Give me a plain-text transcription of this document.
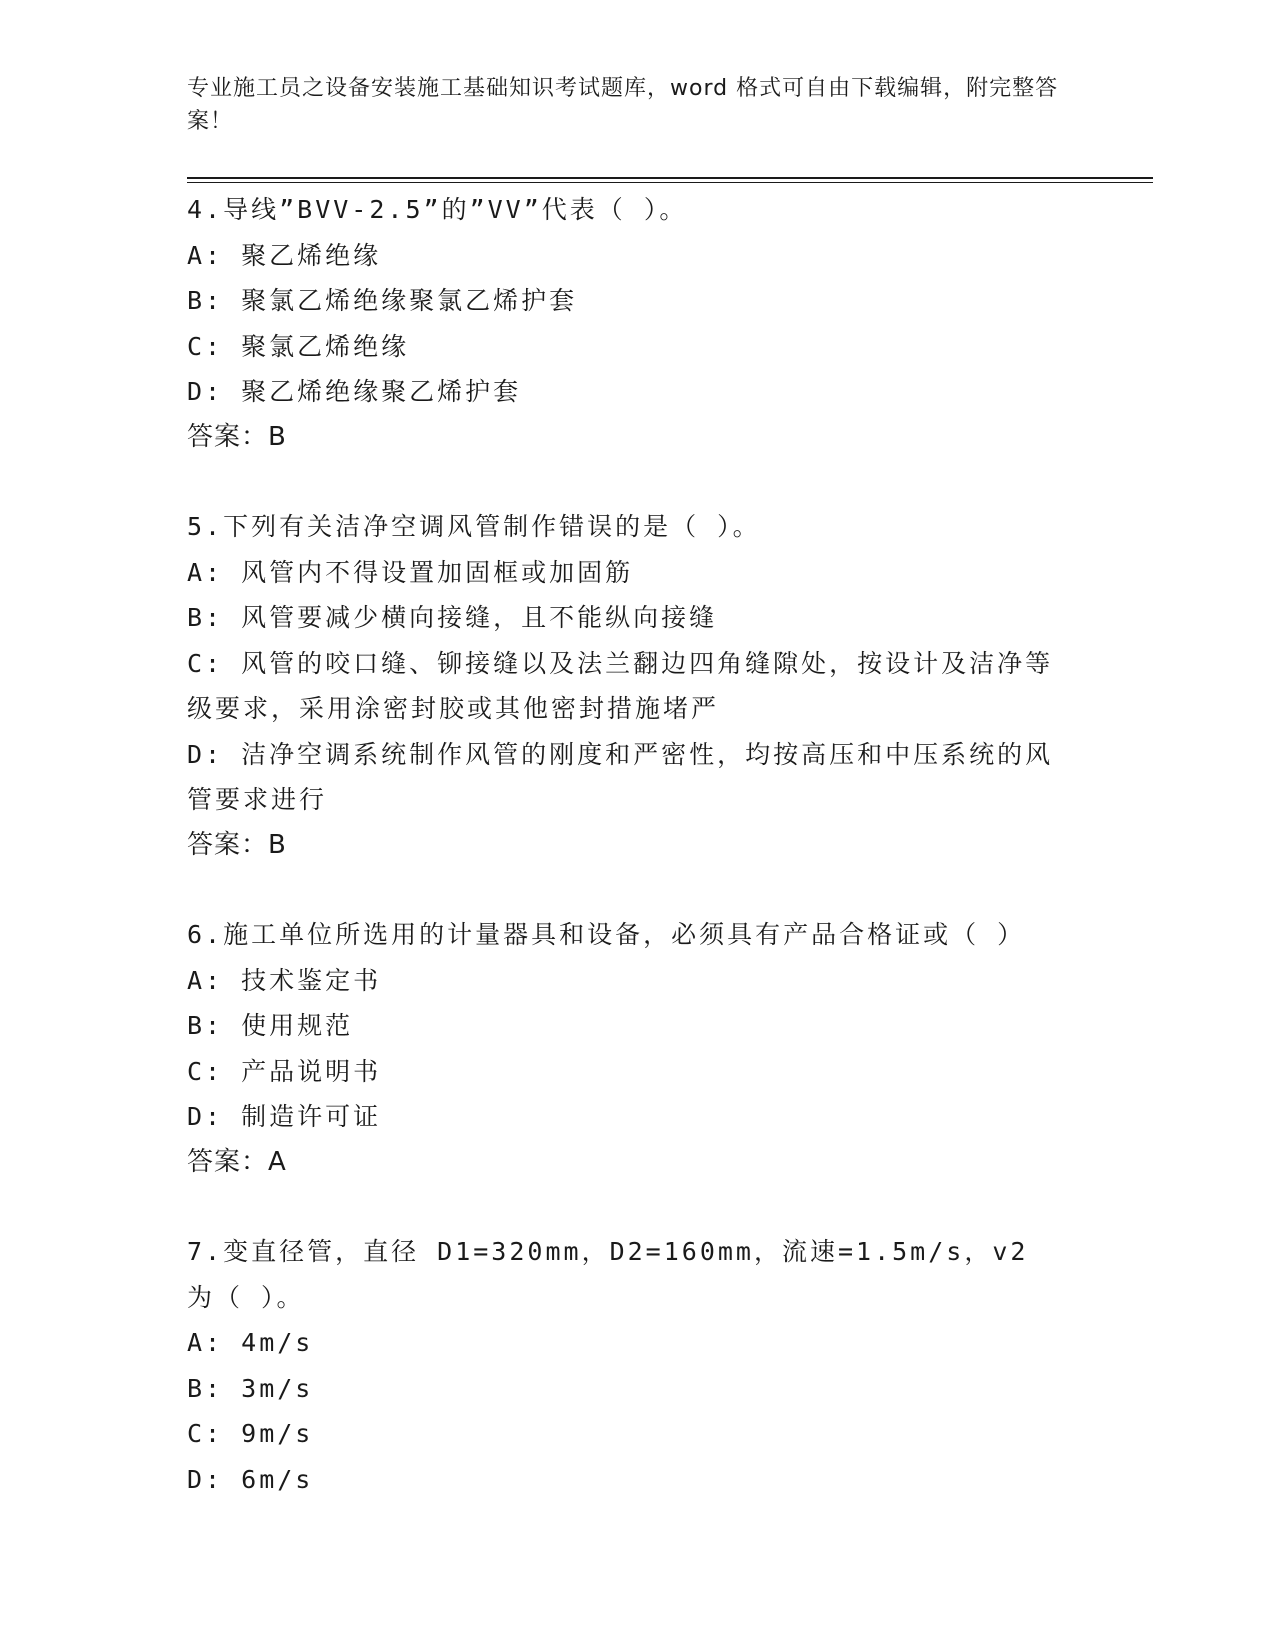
专业施工员之设备安装施工基础知识考试题库，word 格式可自由下载编辑，附完整答案！
4.导线”BVV-2.5”的”VV”代表（ ）。
A: 聚乙烯绝缘
B: 聚氯乙烯绝缘聚氯乙烯护套
C: 聚氯乙烯绝缘
D: 聚乙烯绝缘聚乙烯护套
答案：B
5.下列有关洁净空调风管制作错误的是（ ）。
A: 风管内不得设置加固框或加固筋
B: 风管要减少横向接缝，且不能纵向接缝
C: 风管的咬口缝、铆接缝以及法兰翻边四角缝隙处，按设计及洁净等级要求，采用涂密封胶或其他密封措施堵严
D: 洁净空调系统制作风管的刚度和严密性，均按高压和中压系统的风管要求进行
答案：B
6.施工单位所选用的计量器具和设备，必须具有产品合格证或（ ）
A: 技术鉴定书
B: 使用规范
C: 产品说明书
D: 制造许可证
答案：A
7.变直径管，直径 D1=320mm，D2=160mm，流速=1.5m/s，v2 为（ ）。
A: 4m/s
B: 3m/s
C: 9m/s
D: 6m/s
